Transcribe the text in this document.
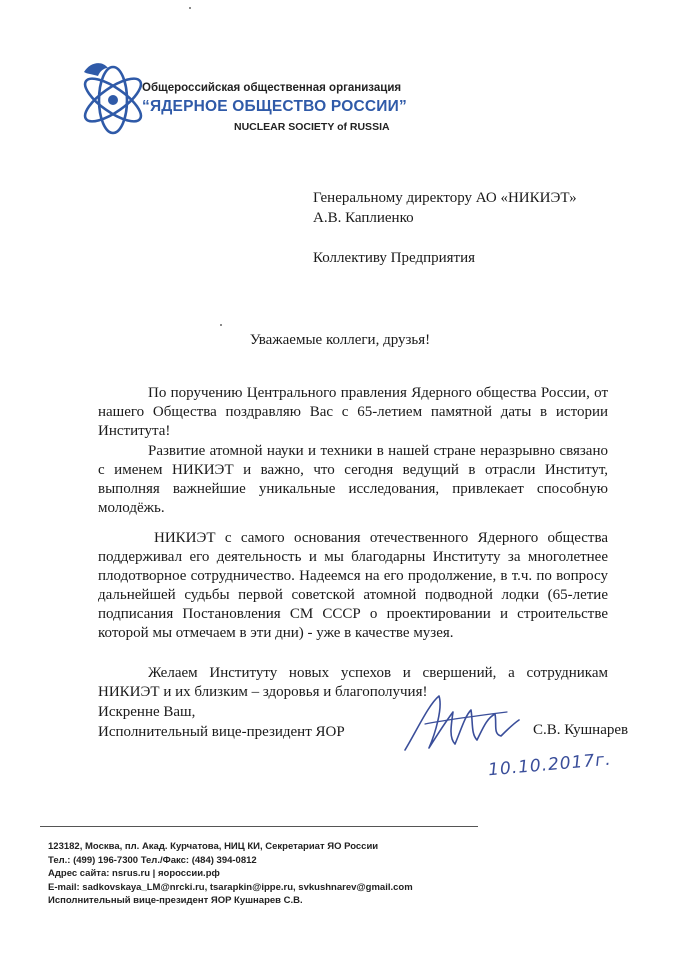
Общероссийская общественная организация
“ЯДЕРНОЕ ОБЩЕСТВО РОССИИ”
NUCLEAR SOCIETY of RUSSIA
Генеральному директору АО «НИКИЭТ»
А.В. Каплиенко
Коллективу Предприятия
Уважаемые коллеги, друзья!

По поручению Центрального правления Ядерного общества России, от нашего Общества поздравляю Вас с 65-летием памятной даты в истории Института!

Развитие атомной науки и техники в нашей стране неразрывно связано с именем НИКИЭТ и важно, что сегодня ведущий в отрасли Институт, выполняя важнейшие уникальные исследования, привлекает способную молодёжь.

НИКИЭТ с самого основания отечественного Ядерного общества поддерживал его деятельность и мы благодарны Институту за многолетнее плодотворное сотрудничество. Надеемся на его продолжение, в т.ч. по вопросу дальнейшей судьбы первой советской атомной подводной лодки (65-летие подписания Постановления СМ СССР о проектировании и строительстве которой мы отмечаем в эти дни) - уже в качестве музея.

Желаем Институту новых успехов и свершений, а сотрудникам НИКИЭТ и их близким – здоровья и благополучия!

Искренне Ваш,
Исполнительный вице-президент ЯОР
10.10.2017г.
С.В. Кушнарев
123182, Москва, пл. Акад. Курчатова, НИЦ КИ, Секретариат ЯО России
Тел.: (499) 196-7300 Тел./Факс: (484) 394-0812
Адрес сайта: nsrus.ru | яороссии.рф
E-mail: sadkovskaya_LM@nrcki.ru, tsarapkin@ippe.ru, svkushnarev@gmail.com
Исполнительный вице-президент ЯОР Кушнарев С.В.
